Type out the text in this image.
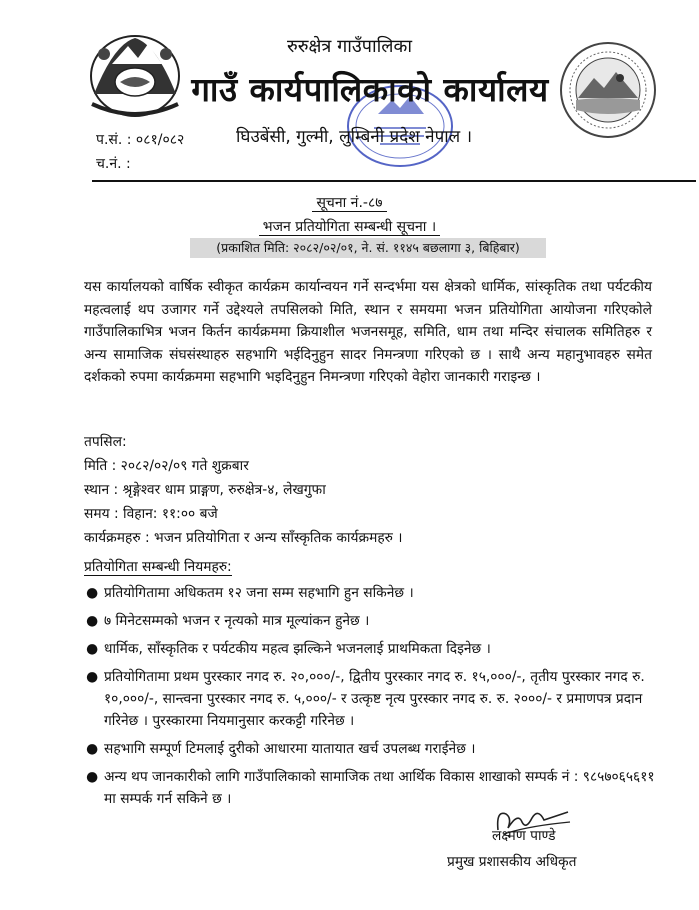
रुरुक्षेत्र गाउँपालिका
गाउँ कार्यपालिकाको कार्यालय
घिउबेंसी, गुल्मी, लुम्बिनी प्रदेश नेपाल ।
प.सं. : ०८१/०८२
च.नं. :
सूचना नं.-८७
भजन प्रतियोगिता सम्बन्धी सूचना ।
(प्रकाशित मिति: २०८२/०२/०१, ने. सं. ११४५ बछलागा ३, बिहिबार)
यस कार्यालयको वार्षिक स्वीकृत कार्यक्रम कार्यान्वयन गर्ने सन्दर्भमा यस क्षेत्रको धार्मिक, सांस्कृतिक तथा पर्यटकीय महत्वलाई थप उजागर गर्ने उद्देश्यले तपसिलको मिति, स्थान र समयमा भजन प्रतियोगिता आयोजना गरिएकोले गाउँपालिकाभित्र भजन किर्तन कार्यक्रममा क्रियाशील भजनसमूह, समिति, धाम तथा मन्दिर संचालक समितिहरु र अन्य सामाजिक संघसंस्थाहरु सहभागि भईदिनुहुन सादर निमन्त्रणा गरिएको छ । साथै अन्य महानुभावहरु समेत दर्शकको रुपमा कार्यक्रममा सहभागि भइदिनुहुन निमन्त्रणा गरिएको वेहोरा जानकारी गराइन्छ ।
तपसिल:
मिति : २०८२/०२/०९ गते शुक्रबार
स्थान : श्रृङ्गेश्वर धाम प्राङ्गण, रुरुक्षेत्र-४, लेखगुफा
समय : विहान: ११:०० बजे
कार्यक्रमहरु : भजन प्रतियोगिता र अन्य साँस्कृतिक कार्यक्रमहरु ।
प्रतियोगिता सम्बन्धी नियमहरु:
● प्रतियोगितामा अधिकतम १२ जना सम्म सहभागि हुन सकिनेछ ।
● ७ मिनेटसम्मको भजन र नृत्यको मात्र मूल्यांकन हुनेछ ।
● धार्मिक, साँस्कृतिक र पर्यटकीय महत्व झल्किने भजनलाई प्राथमिकता दिइनेछ ।
● प्रतियोगितामा प्रथम पुरस्कार नगद रु. २०,०००/-, द्वितीय पुरस्कार नगद रु. १५,०००/-, तृतीय पुरस्कार नगद रु. १०,०००/-, सान्त्वना पुरस्कार नगद रु. ५,०००/- र उत्कृष्ट नृत्य पुरस्कार नगद रु. रु. २०००/- र प्रमाणपत्र प्रदान गरिनेछ । पुरस्कारमा नियमानुसार करकट्टी गरिनेछ ।
● सहभागि सम्पूर्ण टिमलाई दुरीको आधारमा यातायात खर्च उपलब्ध गराईनेछ ।
● अन्य थप जानकारीको लागि गाउँपालिकाको सामाजिक तथा आर्थिक विकास शाखाको सम्पर्क नं : ९८५७०६५६११ मा सम्पर्क गर्न सकिने छ ।
लक्ष्मण पाण्डे
प्रमुख प्रशासकीय अधिकृत
